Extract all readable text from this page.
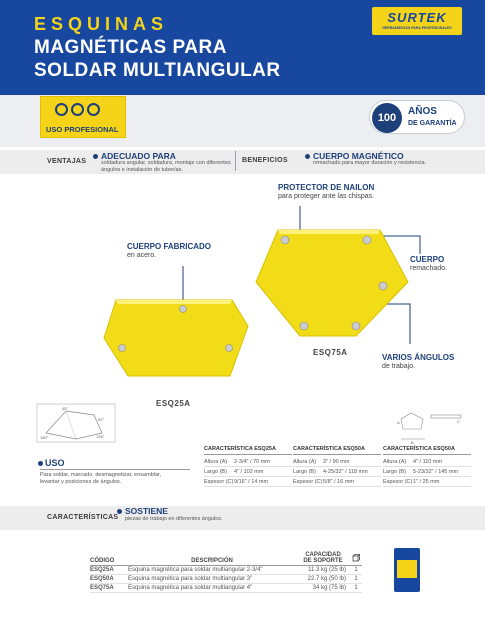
ESQUINAS
MAGNÉTICAS PARA
SOLDAR MULTIANGULAR
SURTEK
HERRAMIENTAS PARA PROFESIONALES
USO PROFESIONAL
100
AÑOS
DE GARANTÍA
VENTAJAS
ADECUADO PARA
soldadura angular, soldadura, montaje con diferentes ángulos e instalación de tuberías.
BENEFICIOS	CUERPO MAGNÉTICO
remachado para mayor duración y resistencia.
PROTECTOR DE NAILON
para proteger ante las chispas.
CUERPO FABRICADO
en acero.	CUERPO
remachado.
VARIOS ÁNGULOS
de trabajo.
ESQ75A
ESQ25A
45°
90°
135°
180°
A
B
C
USO
Para soldar, marcado, desmagnetizar, ensamblar, levantar y posiciones de ángulos.
CARACTERÍSTICA ESQ25A
Altura (A)	2-3/4" / 70 mm
Largo (B)	4" / 102 mm
Espesor (C) 9/16" / 14 mm
CARACTERÍSTICA ESQ50A
Altura (A)	3" / 90 mm
Largo (B)	4-25/32" / 118 mm
Espesor (C) 5/8" / 16 mm
CARACTERÍSTICA ESQ50A
Altura (A)	4" / 110 mm
Largo (B)	5-23/32" / 145 mm
Espesor (C) 1" / 25 mm
CARACTERÍSTICAS
SOSTIENE
piezas de trabajo en diferentes ángulos.
CÓDIGO	DESCRIPCIÓN
CAPACIDAD
DE SOPORTE
ESQ25A	Esquina magnética para soldar multiangular 2-3/4"	11.3 kg (25 lb)	1
ESQ50A	Esquina magnética para soldar multiangular 3"	22.7 kg (50 lb)	1
ESQ75A	Esquina magnética para soldar multiangular 4"	34 kg (75 lb)	1
